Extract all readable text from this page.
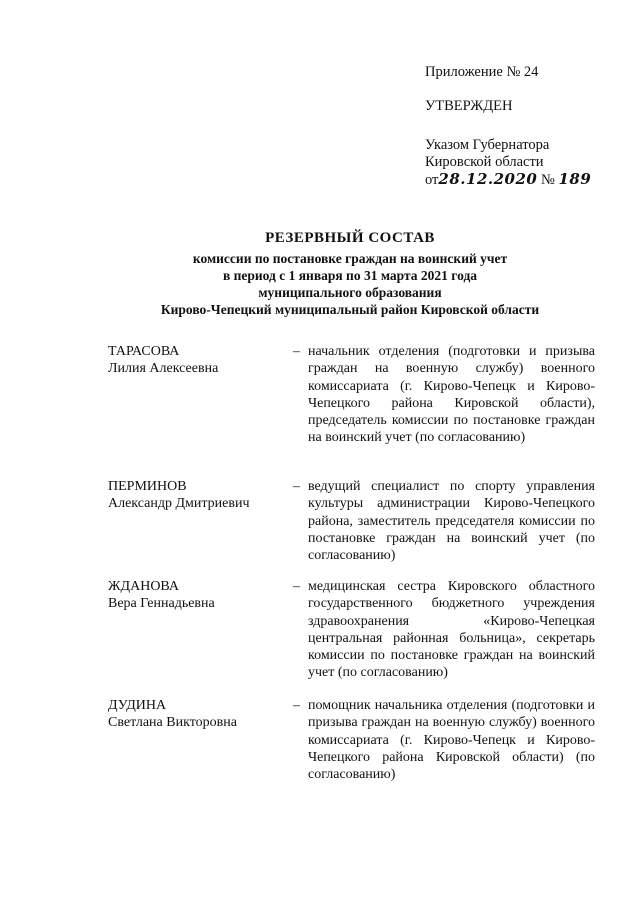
Приложение № 24
УТВЕРЖДЕН
Указом Губернатора
Кировской области
от28.12.2020 № 189
РЕЗЕРВНЫЙ СОСТАВ
комиссии по постановке граждан на воинский учет
в период с 1 января по 31 марта 2021 года
муниципального образования
Кирово-Чепецкий муниципальный район Кировской области
ТАРАСОВА
Лилия Алексеевна
– начальник отделения (подготовки и призыва граждан на военную службу) военного комиссариата (г. Кирово-Чепецк и Кирово-Чепецкого района Кировской области), председатель комиссии по постановке граждан на воинский учет (по согласованию)
ПЕРМИНОВ
Александр Дмитриевич
– ведущий специалист по спорту управления культуры администрации Кирово-Чепецкого района, заместитель председателя комиссии по постановке граждан на воинский учет (по согласованию)
ЖДАНОВА
Вера Геннадьевна
– медицинская сестра Кировского областного государственного бюджетного учреждения здравоохранения «Кирово-Чепецкая центральная районная больница», секретарь комиссии по постановке граждан на воинский учет (по согласованию)
ДУДИНА
Светлана Викторовна
– помощник начальника отделения (подготовки и призыва граждан на военную службу) военного комиссариата (г. Кирово-Чепецк и Кирово-Чепецкого района Кировской области) (по согласованию)
